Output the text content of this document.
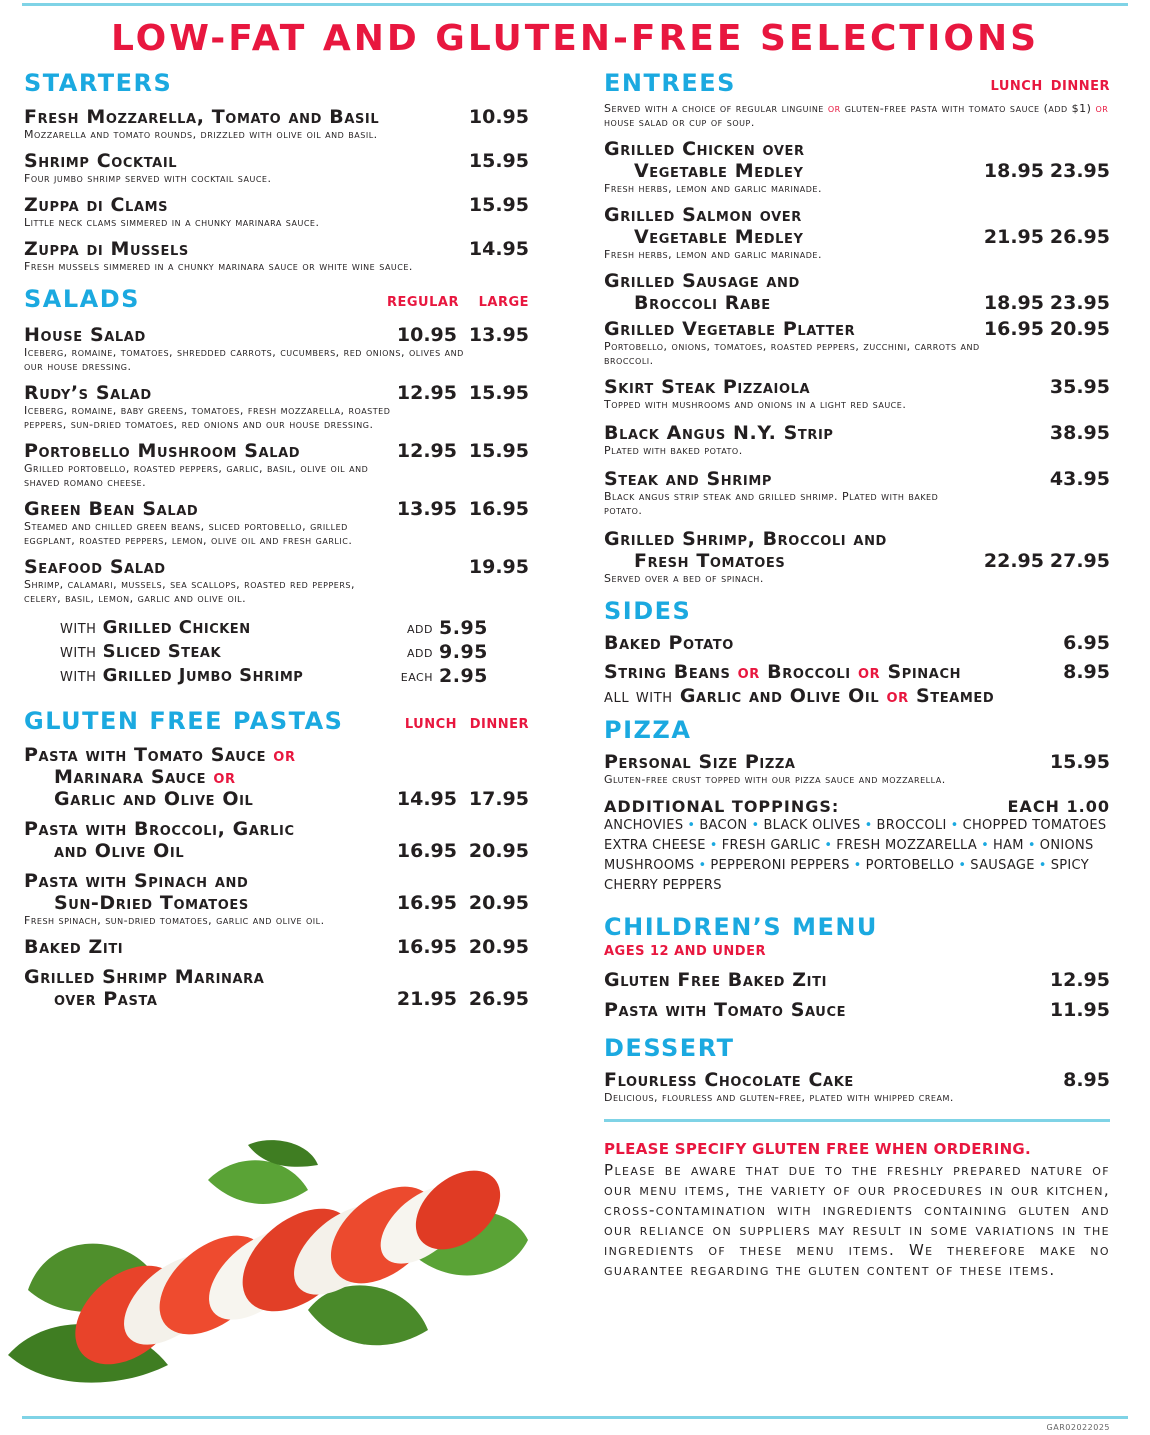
LOW-FAT AND GLUTEN-FREE SELECTIONS
STARTERS
Fresh Mozzarella, Tomato and Basil	10.95
Mozzarella and tomato rounds, drizzled with olive oil and basil.
Shrimp Cocktail	15.95
Four jumbo shrimp served with cocktail sauce.
Zuppa di Clams	15.95
Little neck clams simmered in a chunky marinara sauce.
Zuppa di Mussels	14.95
Fresh mussels simmered in a chunky marinara sauce or white wine sauce.
SALADS	REGULAR	LARGE
House Salad	10.95 13.95
Iceberg, romaine, tomatoes, shredded carrots, cucumbers, red onions, olives and our house dressing.
Rudy’s Salad	12.95 15.95
Iceberg, romaine, baby greens, tomatoes, fresh mozzarella, roasted peppers, sun-dried tomatoes, red onions and our house dressing.
Portobello Mushroom Salad	12.95 15.95
Grilled portobello, roasted peppers, garlic, basil, olive oil and shaved romano cheese.
Green Bean Salad	13.95 16.95
Steamed and chilled green beans, sliced portobello, grilled eggplant, roasted peppers, lemon, olive oil and fresh garlic.
Seafood Salad	19.95
Shrimp, calamari, mussels, sea scallops, roasted red peppers, celery, basil, lemon, garlic and olive oil.
with Grilled Chicken	add 5.95
with Sliced Steak	add 9.95
with Grilled Jumbo Shrimp	each 2.95
GLUTEN FREE PASTAS	LUNCH DINNER
Pasta with Tomato Sauce or
Marinara Sauce or
Garlic and Olive Oil	14.95 17.95
Pasta with Broccoli, Garlic
and Olive Oil	16.95 20.95
Pasta with Spinach and
Sun-Dried Tomatoes	16.95 20.95
Fresh spinach, sun-dried tomatoes, garlic and olive oil.
Baked Ziti	16.95 20.95
Grilled Shrimp Marinara
over Pasta	21.95 26.95
ENTREES	LUNCH DINNER
Served with a choice of regular linguine or gluten-free pasta with tomato sauce (add $1) or house salad or cup of soup.
Grilled Chicken over
Vegetable Medley	18.95 23.95
Fresh herbs, lemon and garlic marinade.
Grilled Salmon over
Vegetable Medley	21.95 26.95
Fresh herbs, lemon and garlic marinade.
Grilled Sausage and
Broccoli Rabe	18.95 23.95
Grilled Vegetable Platter	16.95 20.95
Portobello, onions, tomatoes, roasted peppers, zucchini, carrots and broccoli.
Skirt Steak Pizzaiola	35.95
Topped with mushrooms and onions in a light red sauce.
Black Angus N.Y. Strip	38.95
Plated with baked potato.
Steak and Shrimp	43.95
Black angus strip steak and grilled shrimp. Plated with baked potato.
Grilled Shrimp, Broccoli and
Fresh Tomatoes	22.95 27.95
Served over a bed of spinach.
SIDES
Baked Potato	6.95
String Beans or Broccoli or Spinach	8.95
all with Garlic and Olive Oil or Steamed
PIZZA
Personal Size Pizza	15.95
Gluten-free crust topped with our pizza sauce and mozzarella.
ADDITIONAL TOPPINGS:	EACH 1.00
ANCHOVIES • BACON • BLACK OLIVES • BROCCOLI • CHOPPED TOMATOES
EXTRA CHEESE • FRESH GARLIC • FRESH MOZZARELLA • HAM • ONIONS
MUSHROOMS • PEPPERONI PEPPERS • PORTOBELLO • SAUSAGE • SPICY CHERRY PEPPERS
CHILDREN’S MENU
AGES 12 AND UNDER
Gluten Free Baked Ziti	12.95
Pasta with Tomato Sauce	11.95
DESSERT
Flourless Chocolate Cake	8.95
Delicious, flourless and gluten-free, plated with whipped cream.
PLEASE SPECIFY GLUTEN FREE WHEN ORDERING.
Please be aware that due to the freshly prepared nature of our menu items, the variety of our procedures in our kitchen, cross-contamination with ingredients containing gluten and our reliance on suppliers may result in some variations in the ingredients of these menu items. We therefore make no guarantee regarding the gluten content of these items.
GAR02022025
